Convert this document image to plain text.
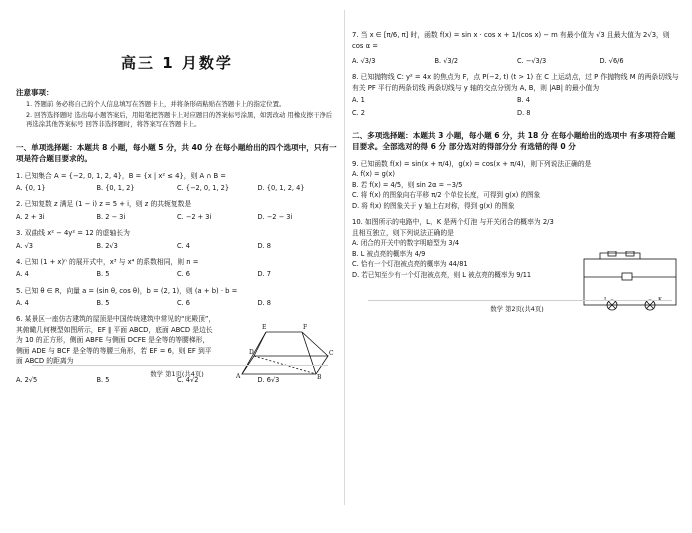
高三 1 月数学
注意事项：
1. 答题前 务必将自己的个人信息填写在答题卡上，并将条形码粘贴在答题卡上的指定位置。
2. 回答选择题时 选出每小题答案后，用铅笔把答题卡上对应题目的答案标号涂黑，如需改动 用橡皮擦干净后 再选涂其他答案标号 回答非选择题时，将答案写在答题卡上。
一、单项选择题：本题共 8 小题，每小题 5 分，共 40 分 在每小题给出的四个选项中，只有一项是符合题目要求的。
1. 已知集合 A = {−2, 0, 1, 2, 4}，B = {x | x² ≤ 4}，则 A ∩ B =
A. {0, 1}	B. {0, 1, 2}	C. {−2, 0, 1, 2}	D. {0, 1, 2, 4}
2. 已知复数 z 满足 (1 − i) z = 5 + i，则 z 的共轭复数是
A. 2 + 3i	B. 2 − 3i	C. −2 + 3i	D. −2 − 3i
3. 双曲线 x² − 4y² = 12 的虚轴长为
A. √3	B. 2√3	C. 4	D. 8
4. 已知 (1 + x)ⁿ 的展开式中，x³ 与 x⁴ 的系数相同，则 n =
A. 4	B. 5	C. 6	D. 7
5. 已知 θ ∈ R，向量 a = (sin θ, cos θ)，b = (2, 1)，则 (a + b) · b =
A. 4	B. 5	C. 6	D. 8
6. 某景区一座仿古建筑的屋顶是中国传统建筑中常见的“庑殿顶”，其俯瞰几何模型如图所示，EF ∥ 平面 ABCD，底面 ABCD 是边长为 10 的正方形，侧面 ABFE 与侧面 DCFE 是全等的等腰梯形，侧面 ADE 与 BCF 是全等的等腰三角形，若 EF = 6，则 EF 到平面 ABCD 的距离为
E	F
A	B
C
D
A. 2√5	B. 5	C. 4√2	D. 6√3
数学 第1页(共4页)
7. 当 x ∈ [π/6, π] 时，函数 f(x) = sin x · cos x + 1/(cos x) − m 有最小值为 √3 且最大值为 2√3，则 cos α =
A. √3/3	B. √3/2	C. −√3/3	D. √6/6
8. 已知抛物线 C: y² = 4x 的焦点为 F，点 P(−2, t) (t > 1) 在 C 上运动点，过 P 作抛物线 M 的两条切线与有关 PF 平行的两条切线 两条切线与 y 轴的交点分别为 A, B，则 |AB| 的最小值为
A. 1	B. 4
C. 2	D. 8
二、多项选择题：本题共 3 小题，每小题 6 分，共 18 分 在每小题给出的选项中 有多项符合题目要求。全部选对的得 6 分 部分选对的得部分分 有选错的得 0 分
9. 已知函数 f(x) = sin(x + π/4)，g(x) = cos(x + π/4)，则下列说法正确的是
A. f(x) = g(x)
B. 若 f(x) = 4/5，则 sin 2α = −3/5
C. 将 f(x) 的图象向右平移 π/2 个单位长度，可得到 g(x) 的图象
D. 将 f(x) 的图象关于 y 轴上右对称，得到 g(x) 的图象
10. 如图所示的电路中，L、K 是两个灯泡 与开关闭合的概率为 2/3 且相互独立，则下列说法正确的是
A. 闭合的开关中的数字明暗型为 3/4
B. L 被点亮的概率为 4/9
C. 恰有一个灯泡被点亮的概率为 44/81
D. 若已知至少有一个灯泡被点亮，则 L 被点亮的概率为 9/11
数学 第2页(共4页)
